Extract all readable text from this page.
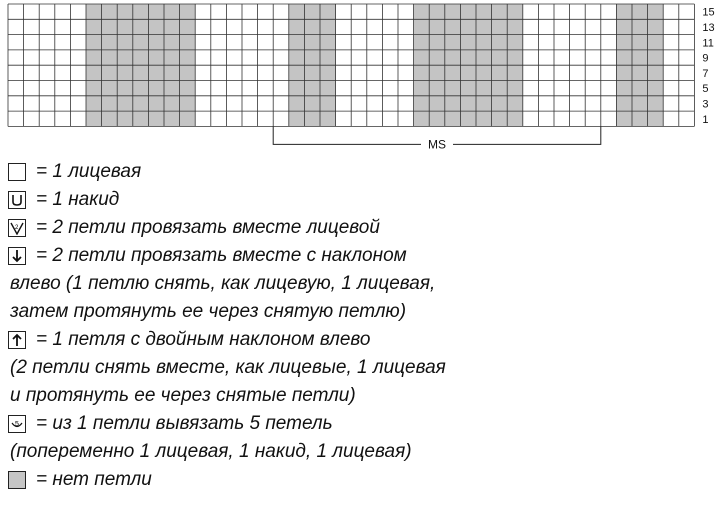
15
13
11
9
7
5
3
1
MS
= 1 лицевая
= 1 накид
2 = 2 петли провязать вместе лицевой
= 2 петли провязать вместе с наклоном
влево (1 петлю снять, как лицевую, 1 лицевая,
затем протянуть ее через снятую петлю)
= 1 петля с двойным наклоном влево
(2 петли снять вместе, как лицевые, 1 лицевая
и протянуть ее через снятые петли)
5 = из 1 петли вывязать 5 петель
(попеременно 1 лицевая, 1 накид, 1 лицевая)
= нет петли
